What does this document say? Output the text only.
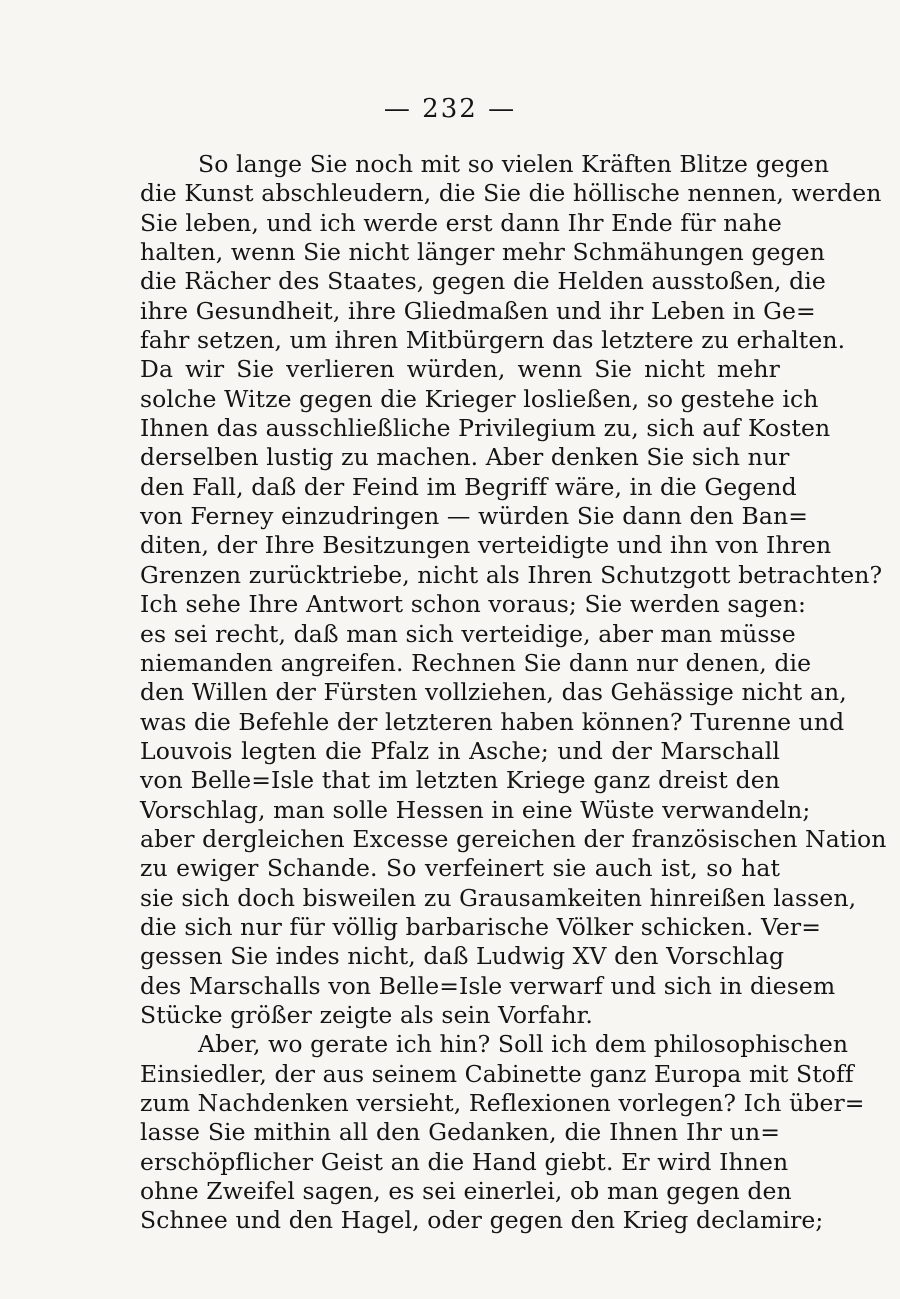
— 232 —
So lange Sie noch mit so vielen Kräften Blitze gegen
die Kunst abschleudern, die Sie die höllische nennen, werden
Sie leben, und ich werde erst dann Ihr Ende für nahe
halten, wenn Sie nicht länger mehr Schmähungen gegen
die Rächer des Staates, gegen die Helden ausstoßen, die
ihre Gesundheit, ihre Gliedmaßen und ihr Leben in Ge=
fahr setzen, um ihren Mitbürgern das letztere zu erhalten.
Da wir Sie verlieren würden, wenn Sie nicht mehr
solche Witze gegen die Krieger losließen, so gestehe ich
Ihnen das ausschließliche Privilegium zu, sich auf Kosten
derselben lustig zu machen. Aber denken Sie sich nur
den Fall, daß der Feind im Begriff wäre, in die Gegend
von Ferney einzudringen — würden Sie dann den Ban=
diten, der Ihre Besitzungen verteidigte und ihn von Ihren
Grenzen zurücktriebe, nicht als Ihren Schutzgott betrachten?
Ich sehe Ihre Antwort schon voraus; Sie werden sagen:
es sei recht, daß man sich verteidige, aber man müsse
niemanden angreifen. Rechnen Sie dann nur denen, die
den Willen der Fürsten vollziehen, das Gehässige nicht an,
was die Befehle der letzteren haben können? Turenne und
Louvois legten die Pfalz in Asche; und der Marschall
von Belle=Isle that im letzten Kriege ganz dreist den
Vorschlag, man solle Hessen in eine Wüste verwandeln;
aber dergleichen Excesse gereichen der französischen Nation
zu ewiger Schande. So verfeinert sie auch ist, so hat
sie sich doch bisweilen zu Grausamkeiten hinreißen lassen,
die sich nur für völlig barbarische Völker schicken. Ver=
gessen Sie indes nicht, daß Ludwig XV den Vorschlag
des Marschalls von Belle=Isle verwarf und sich in diesem
Stücke größer zeigte als sein Vorfahr.
Aber, wo gerate ich hin? Soll ich dem philosophischen
Einsiedler, der aus seinem Cabinette ganz Europa mit Stoff
zum Nachdenken versieht, Reflexionen vorlegen? Ich über=
lasse Sie mithin all den Gedanken, die Ihnen Ihr un=
erschöpflicher Geist an die Hand giebt. Er wird Ihnen
ohne Zweifel sagen, es sei einerlei, ob man gegen den
Schnee und den Hagel, oder gegen den Krieg declamire;
